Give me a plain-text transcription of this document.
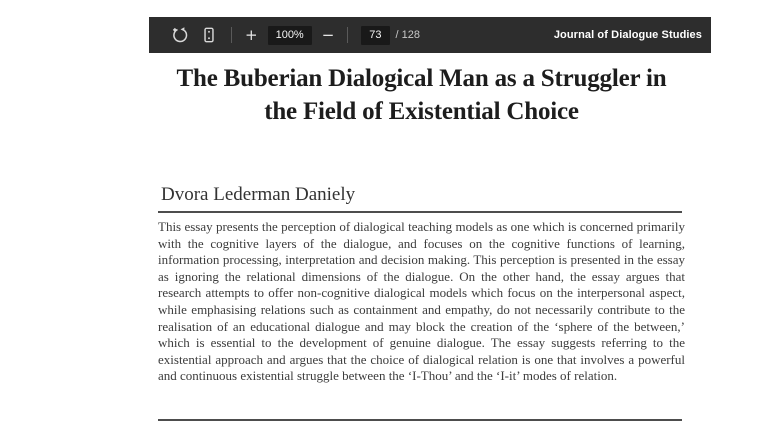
+	100%	−	73	/ 128	Journal of Dialogue Studies
The Buberian Dialogical Man as a Struggler in
the Field of Existential Choice
Dvora Lederman Daniely

This essay presents the perception of dialogical teaching models as one which is concerned primarily with the cognitive layers of the dialogue, and focuses on the cognitive functions of learning, information processing, interpretation and decision making. This perception is presented in the essay as ignoring the relational dimensions of the dialogue. On the other hand, the essay argues that research attempts to offer non-cognitive dialogical models which focus on the interpersonal aspect, while emphasising relations such as containment and empathy, do not necessarily contribute to the realisation of an educational dialogue and may block the creation of the ‘sphere of the between,’ which is essential to the development of genuine dialogue. The essay suggests referring to the existential approach and argues that the choice of dialogical relation is one that involves a powerful and continuous existential struggle between the ‘I-Thou’ and the ‘I-it’ modes of relation.
